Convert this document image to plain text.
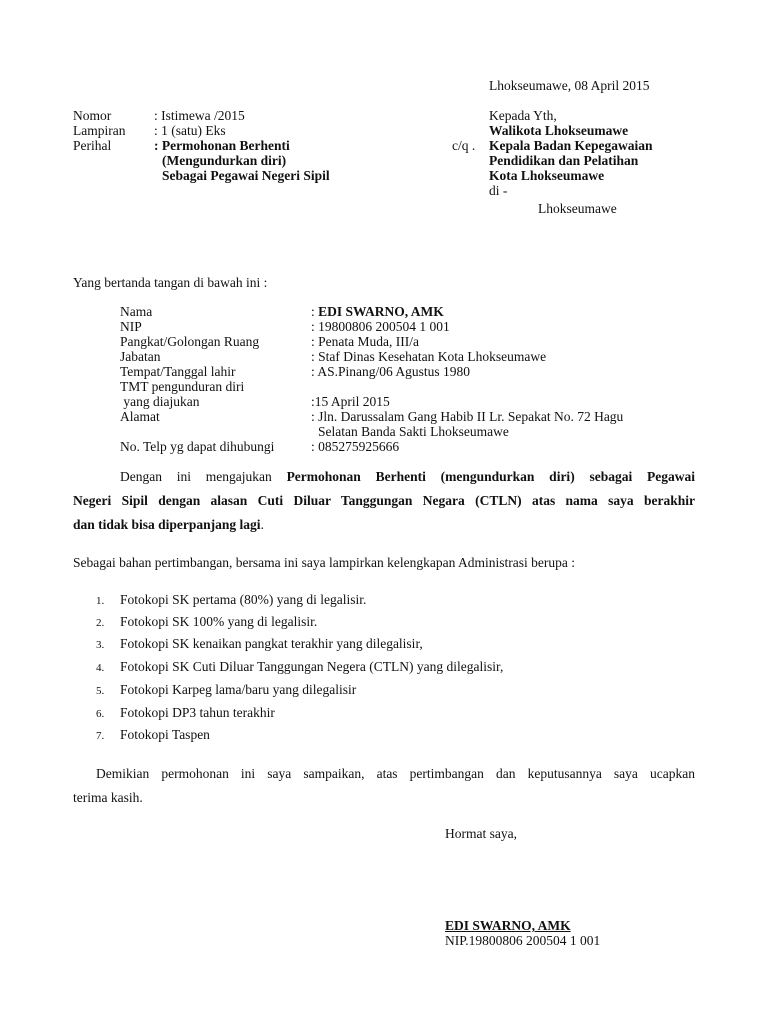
Lhokseumawe, 08 April 2015
Nomor	: Istimewa /2015
Lampiran : 1 (satu) Eks
Perihal	: Permohonan Berhenti
(Mengundurkan diri)
Sebagai Pegawai Negeri Sipil
Kepada Yth,
Walikota Lhokseumawe
c/q . Kepala Badan Kepegawaian
Pendidikan dan Pelatihan
Kota Lhokseumawe
di -
Lhokseumawe
Yang bertanda tangan di bawah ini :
Nama	: EDI SWARNO, AMK
NIP	: 19800806 200504 1 001
Pangkat/Golongan Ruang	: Penata Muda, III/a
Jabatan	: Staf Dinas Kesehatan Kota Lhokseumawe
Tempat/Tanggal lahir	: AS.Pinang/06 Agustus 1980
TMT pengunduran diri
yang diajukan	:15 April 2015
Alamat	: Jln. Darussalam Gang Habib II Lr. Sepakat No. 72 Hagu
Selatan Banda Sakti Lhokseumawe
No. Telp yg dapat dihubungi	: 085275925666
Dengan ini mengajukan Permohonan Berhenti (mengundurkan diri) sebagai Pegawai
Negeri Sipil dengan alasan Cuti Diluar Tanggungan Negara (CTLN) atas nama saya berakhir
dan tidak bisa diperpanjang lagi.
Sebagai bahan pertimbangan, bersama ini saya lampirkan kelengkapan Administrasi berupa :
1. Fotokopi SK pertama (80%) yang di legalisir.
2. Fotokopi SK 100% yang di legalisir.
3. Fotokopi SK kenaikan pangkat terakhir yang dilegalisir,
4. Fotokopi SK Cuti Diluar Tanggungan Negera (CTLN) yang dilegalisir,
5. Fotokopi Karpeg lama/baru yang dilegalisir
6. Fotokopi DP3 tahun terakhir
7. Fotokopi Taspen
Demikian permohonan ini saya sampaikan, atas pertimbangan dan keputusannya saya ucapkan
terima kasih.
Hormat saya,
EDI SWARNO, AMK
NIP.19800806 200504 1 001
